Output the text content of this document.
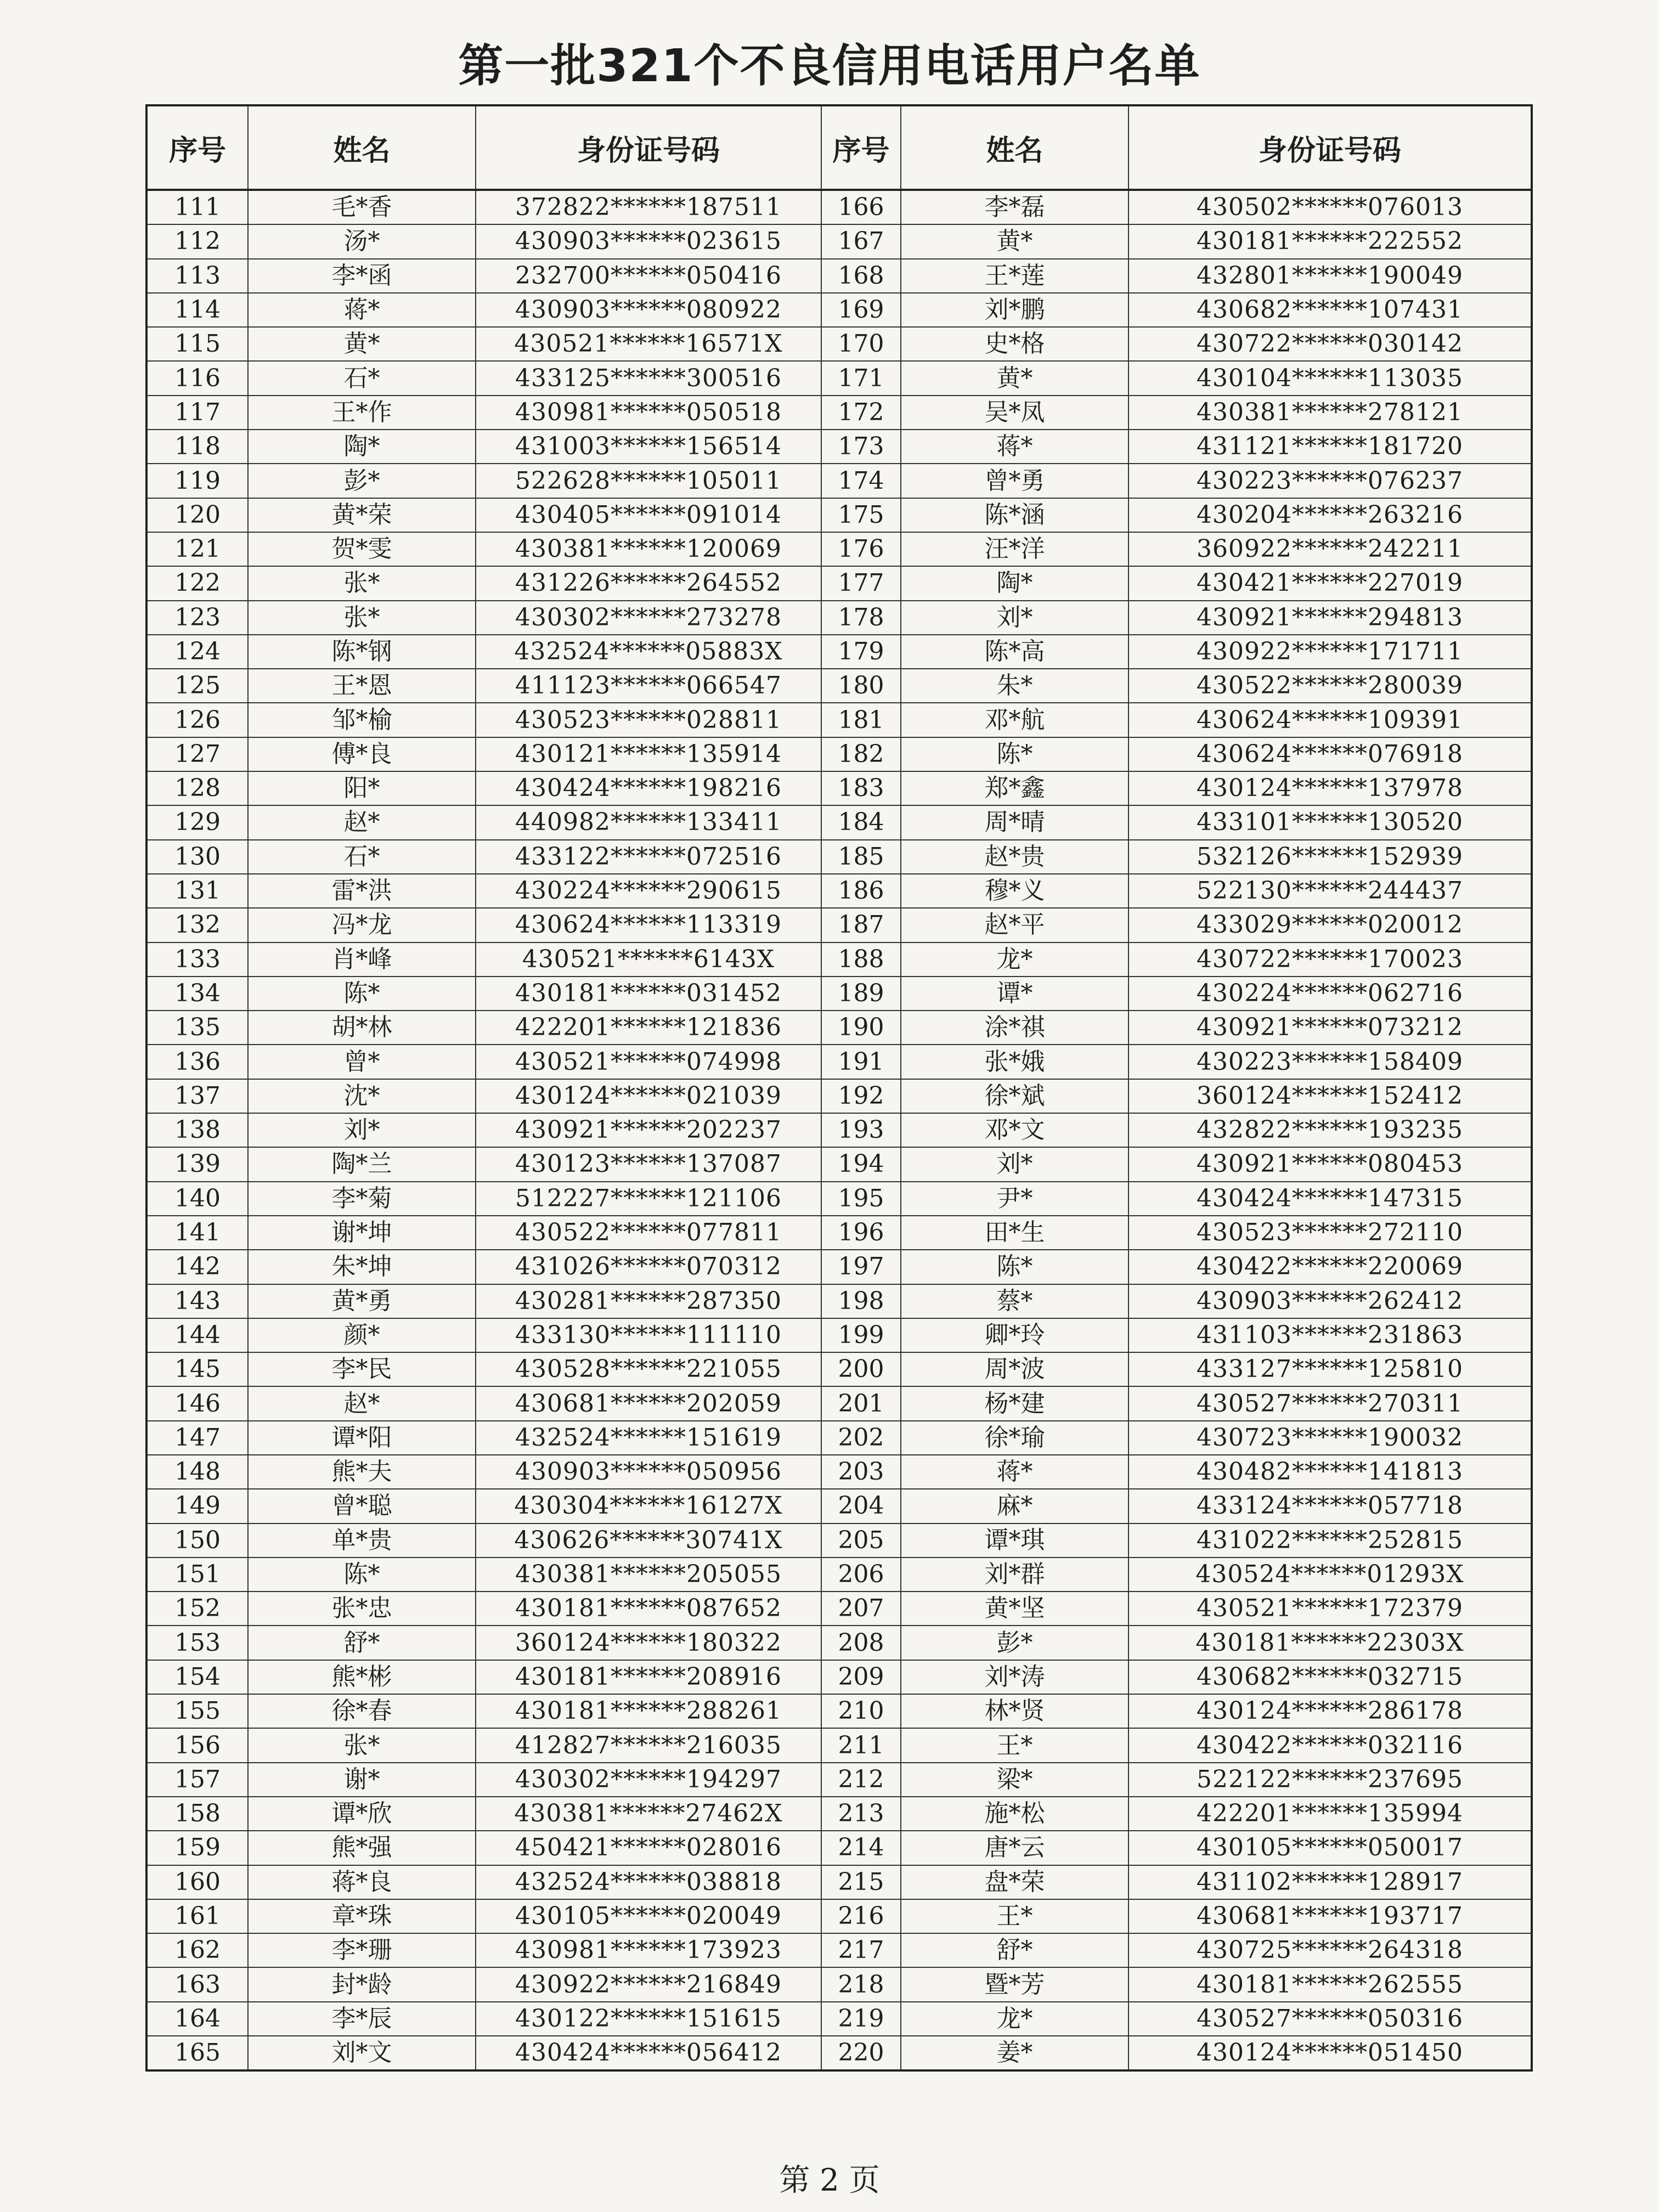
第一批321个不良信用电话用户名单
序号	姓名	身份证号码	序号	姓名	身份证号码
111	毛*香	372822******187511	166	李*磊	430502******076013
112	汤*	430903******023615	167	黄*	430181******222552
113	李*函	232700******050416	168	王*莲	432801******190049
114	蒋*	430903******080922	169	刘*鹏	430682******107431
115	黄*	430521******16571X	170	史*格	430722******030142
116	石*	433125******300516	171	黄*	430104******113035
117	王*作	430981******050518	172	吴*凤	430381******278121
118	陶*	431003******156514	173	蒋*	431121******181720
119	彭*	522628******105011	174	曾*勇	430223******076237
120	黄*荣	430405******091014	175	陈*涵	430204******263216
121	贺*雯	430381******120069	176	汪*洋	360922******242211
122	张*	431226******264552	177	陶*	430421******227019
123	张*	430302******273278	178	刘*	430921******294813
124	陈*钢	432524******05883X	179	陈*高	430922******171711
125	王*恩	411123******066547	180	朱*	430522******280039
126	邹*榆	430523******028811	181	邓*航	430624******109391
127	傅*良	430121******135914	182	陈*	430624******076918
128	阳*	430424******198216	183	郑*鑫	430124******137978
129	赵*	440982******133411	184	周*晴	433101******130520
130	石*	433122******072516	185	赵*贵	532126******152939
131	雷*洪	430224******290615	186	穆*义	522130******244437
132	冯*龙	430624******113319	187	赵*平	433029******020012
133	肖*峰	430521******6143X	188	龙*	430722******170023
134	陈*	430181******031452	189	谭*	430224******062716
135	胡*林	422201******121836	190	涂*祺	430921******073212
136	曾*	430521******074998	191	张*娥	430223******158409
137	沈*	430124******021039	192	徐*斌	360124******152412
138	刘*	430921******202237	193	邓*文	432822******193235
139	陶*兰	430123******137087	194	刘*	430921******080453
140	李*菊	512227******121106	195	尹*	430424******147315
141	谢*坤	430522******077811	196	田*生	430523******272110
142	朱*坤	431026******070312	197	陈*	430422******220069
143	黄*勇	430281******287350	198	蔡*	430903******262412
144	颜*	433130******111110	199	卿*玲	431103******231863
145	李*民	430528******221055	200	周*波	433127******125810
146	赵*	430681******202059	201	杨*建	430527******270311
147	谭*阳	432524******151619	202	徐*瑜	430723******190032
148	熊*夫	430903******050956	203	蒋*	430482******141813
149	曾*聪	430304******16127X	204	麻*	433124******057718
150	单*贵	430626******30741X	205	谭*琪	431022******252815
151	陈*	430381******205055	206	刘*群	430524******01293X
152	张*忠	430181******087652	207	黄*坚	430521******172379
153	舒*	360124******180322	208	彭*	430181******22303X
154	熊*彬	430181******208916	209	刘*涛	430682******032715
155	徐*春	430181******288261	210	林*贤	430124******286178
156	张*	412827******216035	211	王*	430422******032116
157	谢*	430302******194297	212	梁*	522122******237695
158	谭*欣	430381******27462X	213	施*松	422201******135994
159	熊*强	450421******028016	214	唐*云	430105******050017
160	蒋*良	432524******038818	215	盘*荣	431102******128917
161	章*珠	430105******020049	216	王*	430681******193717
162	李*珊	430981******173923	217	舒*	430725******264318
163	封*龄	430922******216849	218	暨*芳	430181******262555
164	李*辰	430122******151615	219	龙*	430527******050316
165	刘*文	430424******056412	220	姜*	430124******051450
第 2 页
